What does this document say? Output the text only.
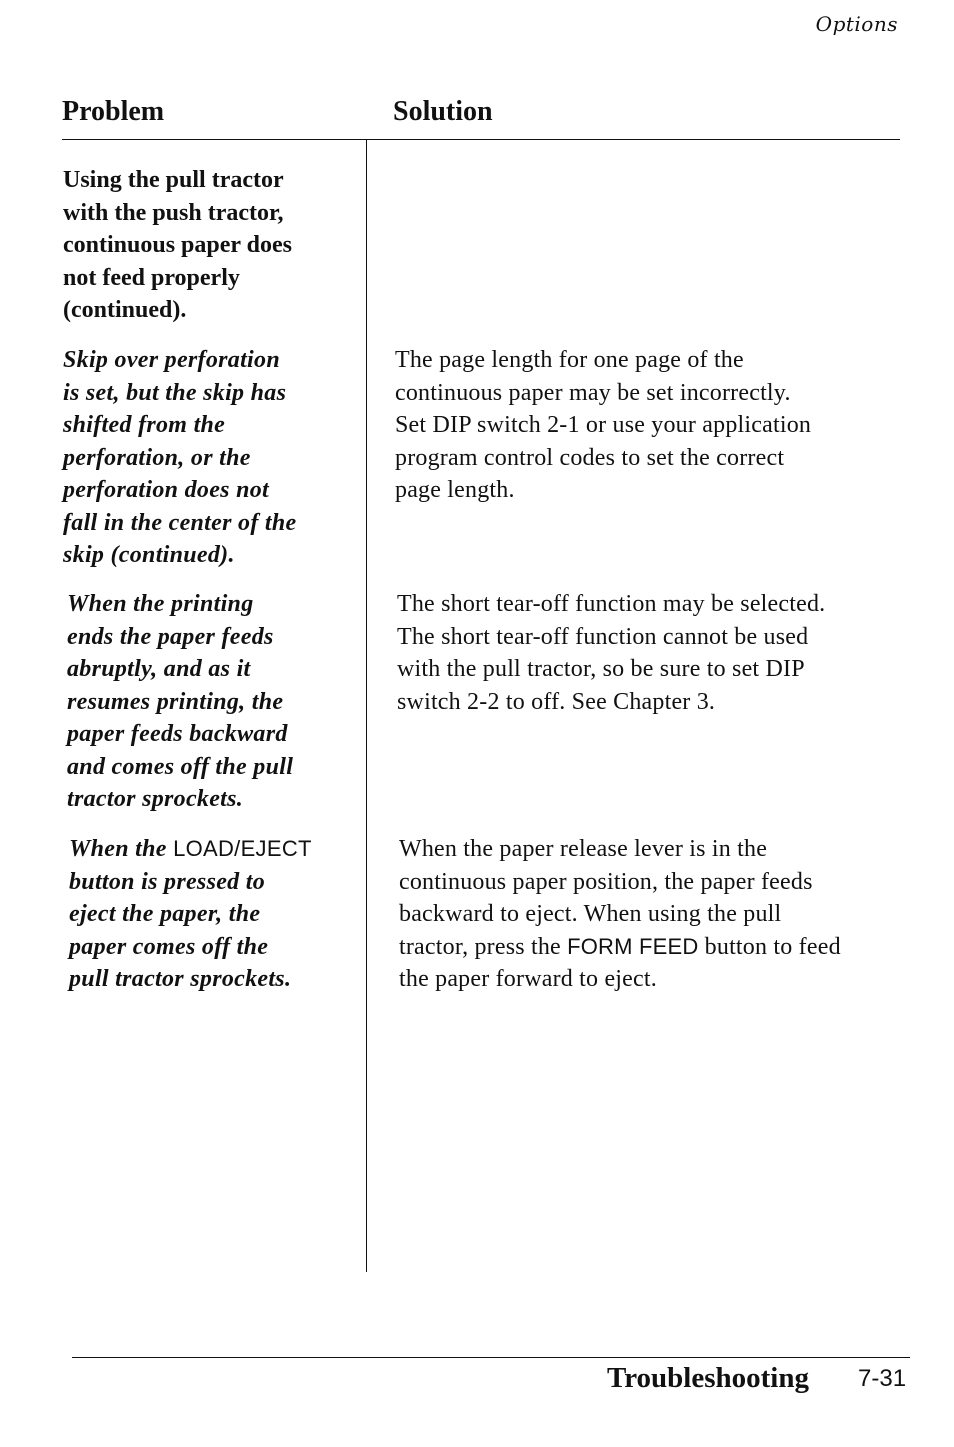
Options
Problem	Solution

Using the pull tractor
with the push tractor,
continuous paper does
not feed properly
(continued).

Skip over perforation
is set, but the skip has
shifted from the
perforation, or the
perforation does not
fall in the center of the
skip (continued).

The page length for one page of the
continuous paper may be set incorrectly.
Set DIP switch 2-1 or use your application
program control codes to set the correct
page length.

When the printing
ends the paper feeds
abruptly, and as it
resumes printing, the
paper feeds backward
and comes off the pull
tractor sprockets.

The short tear-off function may be selected.
The short tear-off function cannot be used
with the pull tractor, so be sure to set DIP
switch 2-2 to off. See Chapter 3.

When the LOAD/EJECT
button is pressed to
eject the paper, the
paper comes off the
pull tractor sprockets.

When the paper release lever is in the
continuous paper position, the paper feeds
backward to eject. When using the pull
tractor, press the FORM FEED button to feed
the paper forward to eject.

Troubleshooting 7-31
